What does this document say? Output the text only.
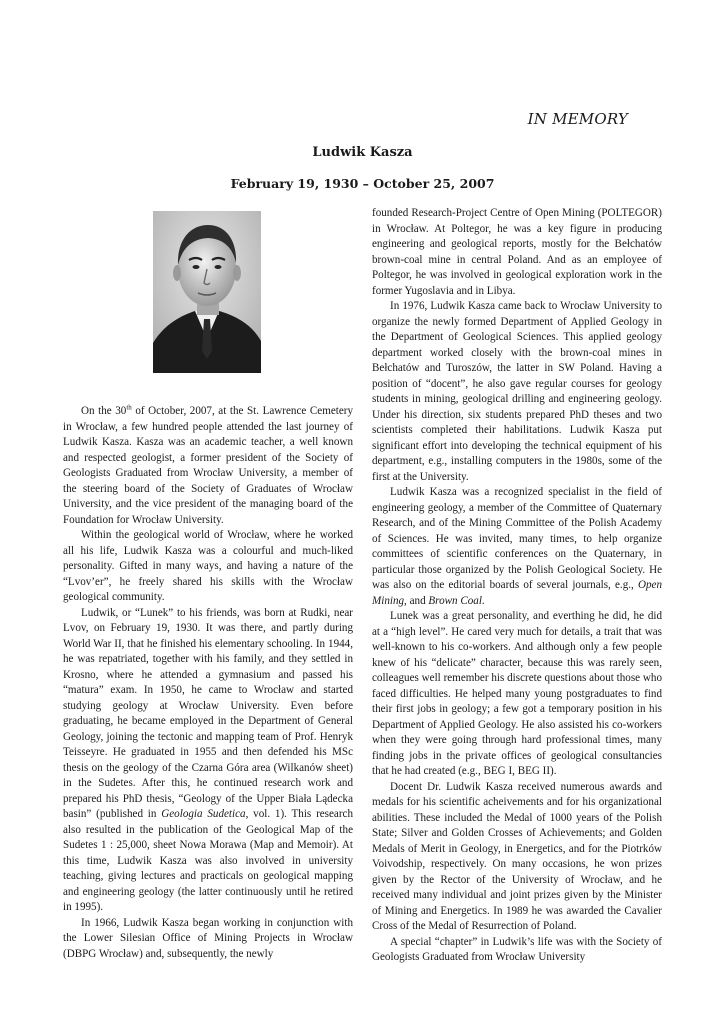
IN MEMORY
Ludwik Kasza
February 19, 1930 – October 25, 2007

On the 30th of October, 2007, at the St. Lawrence Cemetery in Wrocław, a few hundred people attended the last journey of Ludwik Kasza. Kasza was an academic teacher, a well known and respected geologist, a former president of the Society of Geologists Graduated from Wrocław University, a member of the steering board of the Society of Graduates of Wrocław University, and the vice president of the managing board of the Foundation for Wrocław University.

Within the geological world of Wrocław, where he worked all his life, Ludwik Kasza was a colourful and much-liked personality. Gifted in many ways, and having a nature of the “Lvov’er”, he freely shared his skills with the Wrocław geological community.

Ludwik, or “Lunek” to his friends, was born at Rudki, near Lvov, on February 19, 1930. It was there, and partly during World War II, that he finished his elementary schooling. In 1944, he was repatriated, together with his family, and they settled in Krosno, where he attended a gymnasium and passed his “matura” exam. In 1950, he came to Wrocław and started studying geology at Wrocław University. Even before graduating, he became employed in the Department of General Geology, joining the tectonic and mapping team of Prof. Henryk Teisseyre. He graduated in 1955 and then defended his MSc thesis on the geology of the Czarna Góra area (Wilkanów sheet) in the Sudetes. After this, he continued research work and prepared his PhD thesis, “Geology of the Upper Biała Lądecka basin” (published in Geologia Sudetica, vol. 1). This research also resulted in the publication of the Geological Map of the Sudetes 1 : 25,000, sheet Nowa Morawa (Map and Memoir). At this time, Ludwik Kasza was also involved in university teaching, giving lectures and practicals on geological mapping and engineering geology (the latter continuously until he retired in 1995).

In 1966, Ludwik Kasza began working in conjunction with the Lower Silesian Office of Mining Projects in Wrocław (DBPG Wrocław) and, subsequently, the newly

founded Research-Project Centre of Open Mining (POLTEGOR) in Wrocław. At Poltegor, he was a key figure in producing engineering and geological reports, mostly for the Bełchatów brown-coal mine in central Poland. And as an employee of Poltegor, he was involved in geological exploration work in the former Yugoslavia and in Libya.

In 1976, Ludwik Kasza came back to Wrocław University to organize the newly formed Department of Applied Geology in the Department of Geological Sciences. This applied geology department worked closely with the brown-coal mines in Bełchatów and Turoszów, the latter in SW Poland. Having a position of “docent”, he also gave regular courses for geology students in mining, geological drilling and engineering geology. Under his direction, six students prepared PhD theses and two scientists completed their habilitations. Ludwik Kasza put significant effort into developing the technical equipment of his department, e.g., installing computers in the 1980s, some of the first at the University.

Ludwik Kasza was a recognized specialist in the field of engineering geology, a member of the Committee of Quaternary Research, and of the Mining Committee of the Polish Academy of Sciences. He was invited, many times, to help organize committees of scientific conferences on the Quaternary, in particular those organized by the Polish Geological Society. He was also on the editorial boards of several journals, e.g., Open Mining, and Brown Coal.

Lunek was a great personality, and everthing he did, he did at a “high level”. He cared very much for details, a trait that was well-known to his co-workers. And although only a few people knew of his “delicate” character, because this was rarely seen, colleagues well remember his discrete questions about those who faced difficulties. He helped many young postgraduates to find their first jobs in geology; a few got a temporary position in his Department of Applied Geology. He also assisted his co-workers when they were going through hard professional times, many finding jobs in the private offices of geological consultancies that he had created (e.g., BEG I, BEG II).

Docent Dr. Ludwik Kasza received numerous awards and medals for his scientific acheivements and for his organizational abilities. These included the Medal of 1000 years of the Polish State; Silver and Golden Crosses of Achievements; and Golden Medals of Merit in Geology, in Energetics, and for the Piotrków Voivodship, respectively. On many occasions, he won prizes given by the Rector of the University of Wrocław, and he received many individual and joint prizes given by the Minister of Mining and Energetics. In 1989 he was awarded the Cavalier Cross of the Medal of Resurrection of Poland.

A special “chapter” in Ludwik’s life was with the Society of Geologists Graduated from Wrocław University
